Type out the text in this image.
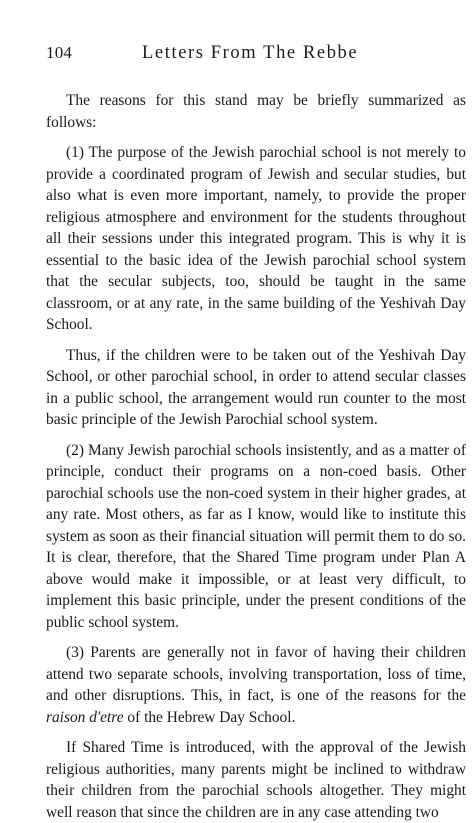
104	Letters From The Rebbe

The reasons for this stand may be briefly summarized as follows:

(1) The purpose of the Jewish parochial school is not merely to provide a coordinated program of Jewish and secular studies, but also what is even more important, namely, to provide the proper religious atmosphere and environment for the students throughout all their sessions under this integrated program. This is why it is essential to the basic idea of the Jewish parochial school system that the secular subjects, too, should be taught in the same classroom, or at any rate, in the same building of the Yeshivah Day School.

Thus, if the children were to be taken out of the Yeshivah Day School, or other parochial school, in order to attend secular classes in a public school, the arrangement would run counter to the most basic principle of the Jewish Parochial school system.

(2) Many Jewish parochial schools insistently, and as a matter of principle, conduct their programs on a non-coed basis. Other parochial schools use the non-coed system in their higher grades, at any rate. Most others, as far as I know, would like to institute this system as soon as their financial situation will permit them to do so. It is clear, therefore, that the Shared Time program under Plan A above would make it impossible, or at least very difficult, to implement this basic principle, under the present conditions of the public school system.

(3) Parents are generally not in favor of having their children attend two separate schools, involving transportation, loss of time, and other disruptions. This, in fact, is one of the reasons for the raison d'etre of the Hebrew Day School.

If Shared Time is introduced, with the approval of the Jewish religious authorities, many parents might be inclined to withdraw their children from the parochial schools altogether. They might well reason that since the children are in any case attending two
